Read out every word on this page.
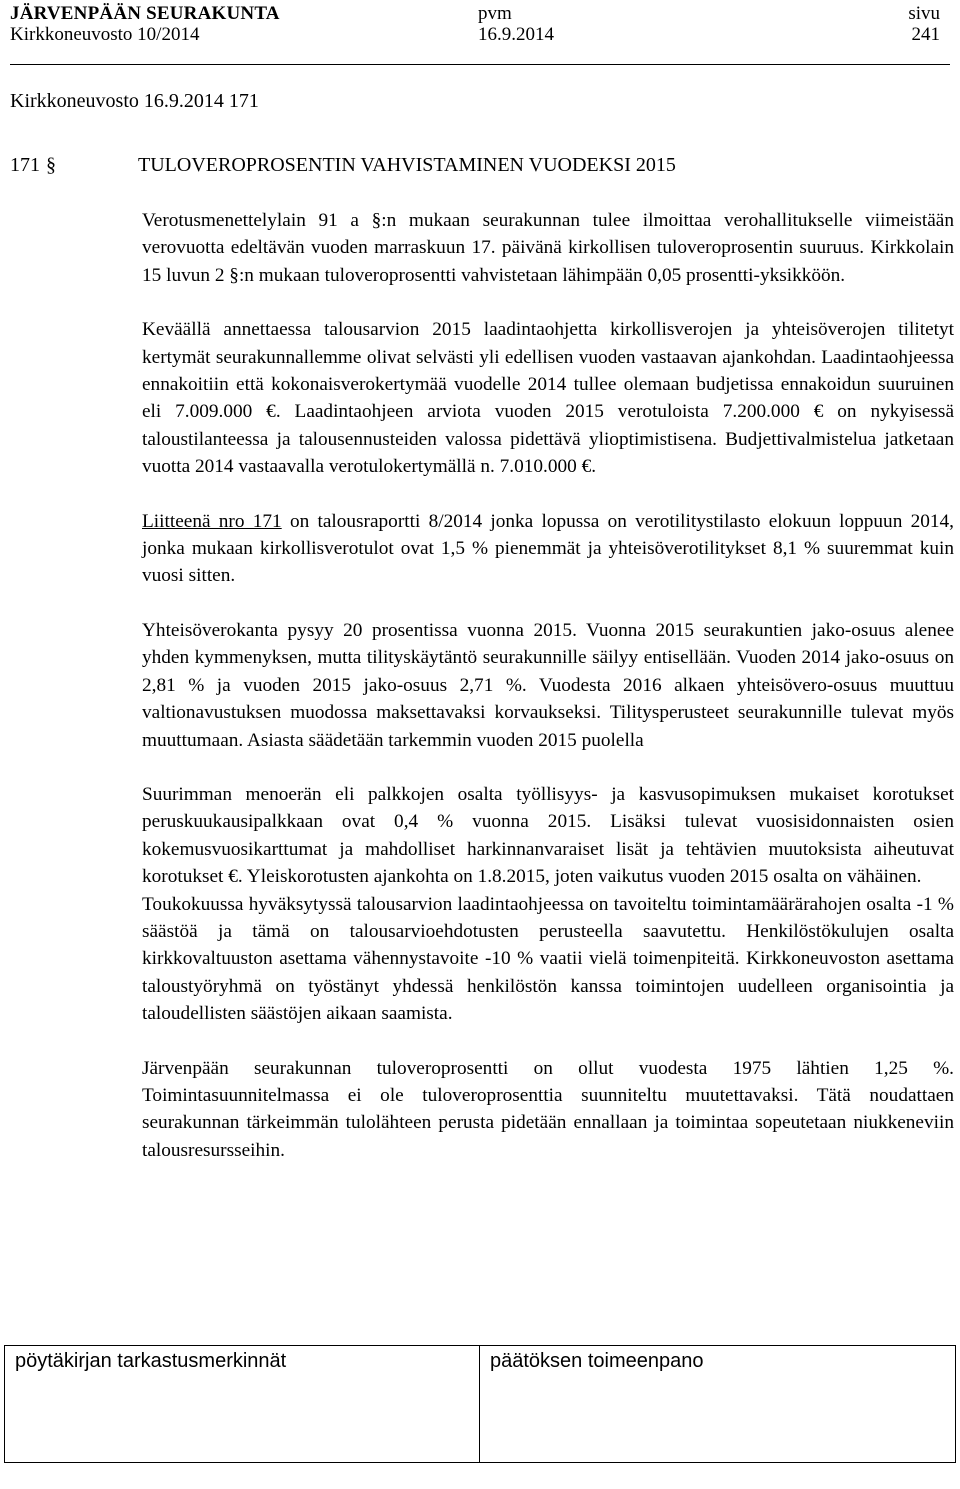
JÄRVENPÄÄN SEURAKUNTA	pvm	sivu
Kirkkoneuvosto 10/2014	16.9.2014	241
Kirkkoneuvosto 16.9.2014 171
171 §	TULOVEROPROSENTIN VAHVISTAMINEN VUODEKSI 2015

Verotusmenettelylain 91 a §:n mukaan seurakunnan tulee ilmoittaa verohallitukselle viimeistään verovuotta edeltävän vuoden marraskuun 17. päivänä kirkollisen tuloveroprosentin suuruus. Kirkkolain 15 luvun 2 §:n mukaan tuloveroprosentti vahvistetaan lähimpään 0,05 prosentti-yksikköön.

Keväällä annettaessa talousarvion 2015 laadintaohjetta kirkollisverojen ja yhteisöverojen tilitetyt kertymät seurakunnallemme olivat selvästi yli edellisen vuoden vastaavan ajankohdan. Laadintaohjeessa ennakoitiin että kokonaisverokertymää vuodelle 2014 tullee olemaan budjetissa ennakoidun suuruinen eli 7.009.000 €. Laadintaohjeen arviota vuoden 2015 verotuloista 7.200.000 € on nykyisessä taloustilanteessa ja talousennusteiden valossa pidettävä ylioptimistisena. Budjettivalmistelua jatketaan vuotta 2014 vastaavalla verotulokertymällä n. 7.010.000 €.

Liitteenä nro 171 on talousraportti 8/2014 jonka lopussa on verotilitystilasto elokuun loppuun 2014, jonka mukaan kirkollisverotulot ovat 1,5 % pienemmät ja yhteisöverotilitykset 8,1 % suuremmat kuin vuosi sitten.

Yhteisöverokanta pysyy 20 prosentissa vuonna 2015. Vuonna 2015 seurakuntien jako-osuus alenee yhden kymmenyksen, mutta tilityskäytäntö seurakunnille säilyy entisellään. Vuoden 2014 jako-osuus on 2,81 % ja vuoden 2015 jako-osuus 2,71 %. Vuodesta 2016 alkaen yhteisövero-osuus muuttuu valtionavustuksen muodossa maksettavaksi korvaukseksi. Tilitysperusteet seurakunnille tulevat myös muuttumaan. Asiasta säädetään tarkemmin vuoden 2015 puolella

Suurimman menoerän eli palkkojen osalta työllisyys- ja kasvusopimuksen mukaiset korotukset peruskuukausipalkkaan ovat 0,4 % vuonna 2015. Lisäksi tulevat vuosisidonnaisten osien kokemusvuosikarttumat ja mahdolliset harkinnanvaraiset lisät ja tehtävien muutoksista aiheutuvat korotukset €. Yleiskorotusten ajankohta on 1.8.2015, joten vaikutus vuoden 2015 osalta on vähäinen.

Toukokuussa hyväksytyssä talousarvion laadintaohjeessa on tavoiteltu toimintamäärärahojen osalta -1 % säästöä ja tämä on talousarvioehdotusten perusteella saavutettu. Henkilöstökulujen osalta kirkkovaltuuston asettama vähennystavoite -10 % vaatii vielä toimenpiteitä. Kirkkoneuvoston asettama taloustyöryhmä on työstänyt yhdessä henkilöstön kanssa toimintojen uudelleen organisointia ja taloudellisten säästöjen aikaan saamista.

Järvenpään seurakunnan tuloveroprosentti on ollut vuodesta 1975 lähtien 1,25 %. Toimintasuunnitelmassa ei ole tuloveroprosenttia suunniteltu muutettavaksi. Tätä noudattaen seurakunnan tärkeimmän tulolähteen perusta pidetään ennallaan ja toimintaa sopeutetaan niukkeneviin talousresursseihin.

pöytäkirjan tarkastusmerkinnät	päätöksen toimeenpano
